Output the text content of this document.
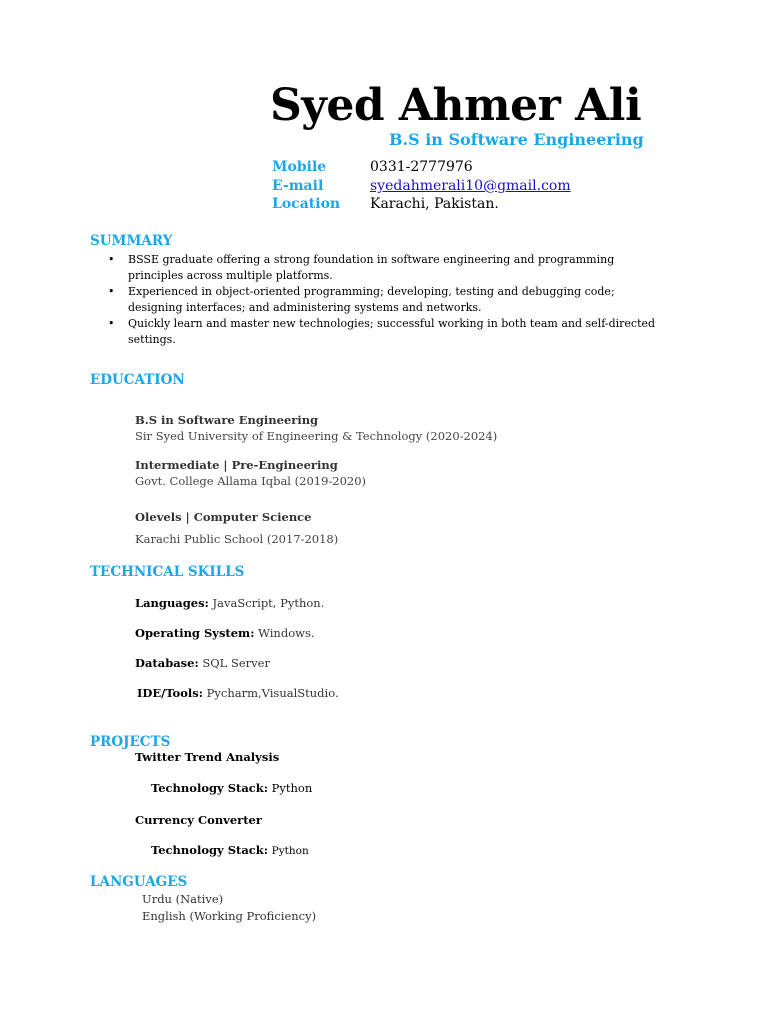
Syed Ahmer Ali
B.S in Software Engineering
Mobile	0331-2777976
E-mail	syedahmerali10@gmail.com
Location Karachi, Pakistan.
SUMMARY
• BSSE graduate offering a strong foundation in software engineering and programming principles across multiple platforms.
• Experienced in object-oriented programming; developing, testing and debugging code; designing interfaces; and administering systems and networks.
• Quickly learn and master new technologies; successful working in both team and self-directed settings.
EDUCATION
B.S in Software Engineering
Sir Syed University of Engineering & Technology (2020-2024)
Intermediate | Pre-Engineering
Govt. College Allama Iqbal (2019-2020)
Olevels | Computer Science
Karachi Public School (2017-2018)
TECHNICAL SKILLS
Languages: JavaScript, Python.
Operating System: Windows.
Database: SQL Server
IDE/Tools: Pycharm,VisualStudio.
PROJECTS
Twitter Trend Analysis
Technology Stack: Python
Currency Converter
Technology Stack: Python
LANGUAGES
Urdu (Native)
English (Working Proficiency)
